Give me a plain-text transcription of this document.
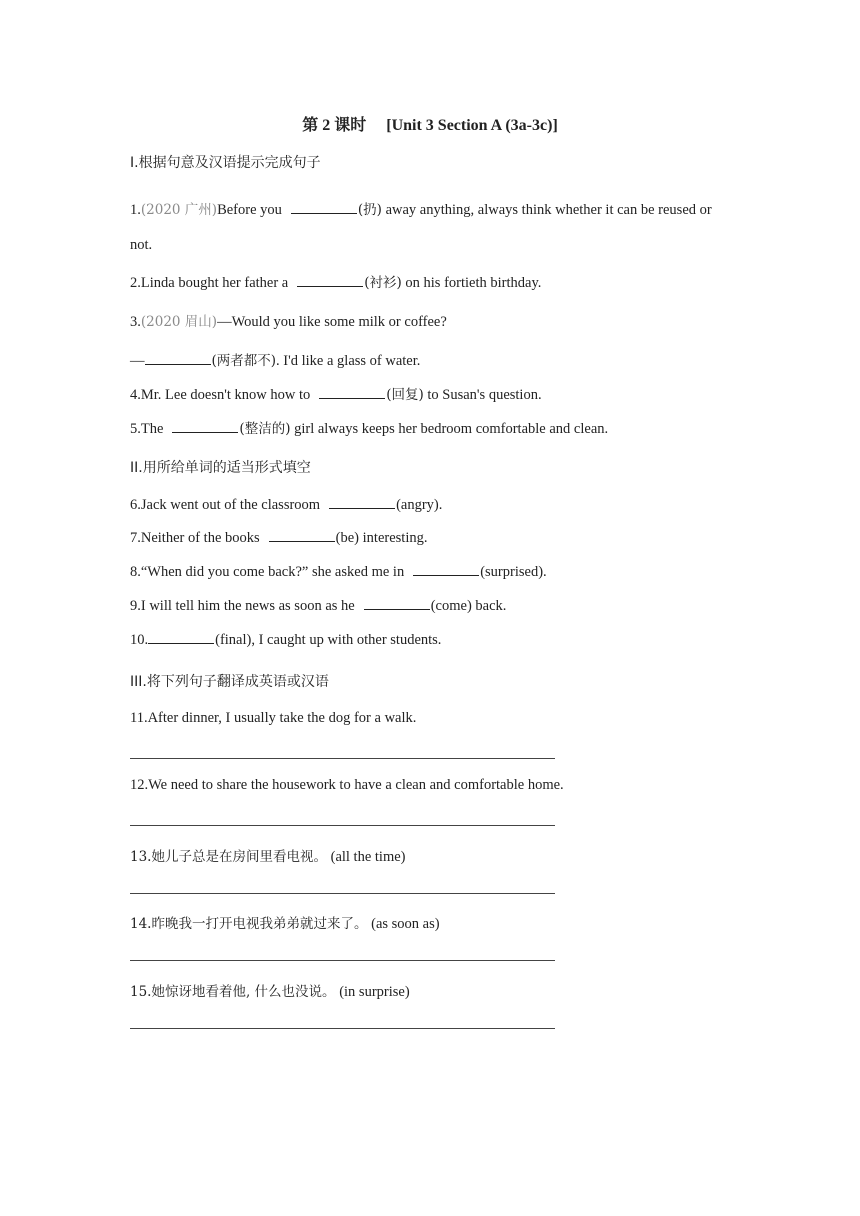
第 2 课时 [Unit 3 Section A (3a-3c)]
I.根据句意及汉语提示完成句子
1.(2020 广州)Before you	(扔) away anything, always think whether it can be reused or
not.
2.Linda bought her father a	(衬衫) on his fortieth birthday.
3.(2020 眉山)—Would you like some milk or coffee?
—	(两者都不). I'd like a glass of water.
4.Mr. Lee doesn't know how to	(回复) to Susan's question.
5.The	(整洁的) girl always keeps her bedroom comfortable and clean.
II.用所给单词的适当形式填空
6.Jack went out of the classroom	(angry).
7.Neither of the books	(be) interesting.
8.“When did you come back?” she asked me in	(surprised).
9.I will tell him the news as soon as he	(come) back.
10.	(final), I caught up with other students.
III.将下列句子翻译成英语或汉语
11.After dinner, I usually take the dog for a walk.
12.We need to share the housework to have a clean and comfortable home.
13.她儿子总是在房间里看电视。 (all the time)
14.昨晚我一打开电视我弟弟就过来了。 (as soon as)
15.她惊讶地看着他, 什么也没说。 (in surprise)
